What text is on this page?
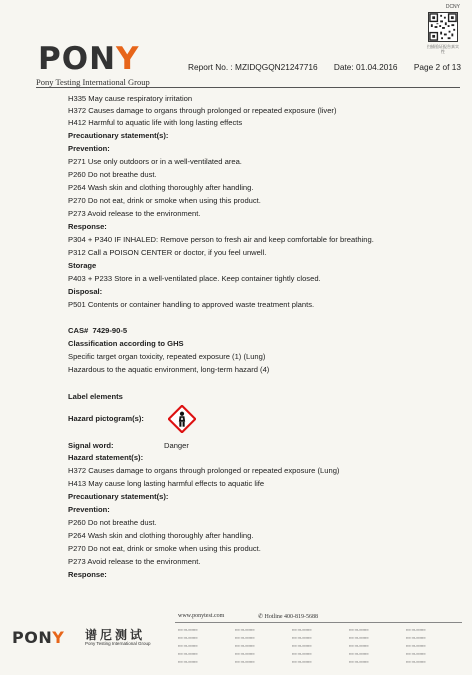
DCNY
扫描验证报告真实性
PONY
Pony Testing International Group
Report No. : MZIDQGQN21247716 Date: 01.04.2016 Page 2 of 13
H335 May cause respiratory irritation
H372 Causes damage to organs through prolonged or repeated exposure (liver)
H412 Harmful to aquatic life with long lasting effects
Precautionary statement(s):
Prevention:
P271 Use only outdoors or in a well-ventilated area.
P260 Do not breathe dust.
P264 Wash skin and clothing thoroughly after handling.
P270 Do not eat, drink or smoke when using this product.
P273 Avoid release to the environment.
Response:
P304 + P340 IF INHALED: Remove person to fresh air and keep comfortable for breathing.
P312 Call a POISON CENTER or doctor, if you feel unwell.
Storage
P403 + P233 Store in a well-ventilated place. Keep container tightly closed.
Disposal:
P501 Contents or container handling to approved waste treatment plants.
CAS# 7429-90-5
Classification according to GHS
Specific target organ toxicity, repeated exposure (1) (Lung)
Hazardous to the aquatic environment, long-term hazard (4)
Label elements
Hazard pictogram(s):
Signal word:	Danger
Hazard statement(s):
H372 Causes damage to organs through prolonged or repeated exposure (Lung)
H413 May cause long lasting harmful effects to aquatic life
Precautionary statement(s):
Prevention:
P260 Do not breathe dust.
P264 Wash skin and clothing thoroughly after handling.
P270 Do not eat, drink or smoke when using this product.
P273 Avoid release to the environment.
Response:
PONY 谱尼测试
Pony Testing International Group
www.ponytest.com	✆ Hotline 400-819-5688
▪▪▪▪ ▪▪▪-▪▪▪▪▪▪▪▪	▪▪▪▪ ▪▪▪-▪▪▪▪▪▪▪▪	▪▪▪▪ ▪▪▪-▪▪▪▪▪▪▪▪	▪▪▪▪ ▪▪▪-▪▪▪▪▪▪▪▪	▪▪▪▪ ▪▪▪-▪▪▪▪▪▪▪▪
▪▪▪▪ ▪▪▪-▪▪▪▪▪▪▪▪	▪▪▪▪ ▪▪▪-▪▪▪▪▪▪▪▪	▪▪▪▪ ▪▪▪-▪▪▪▪▪▪▪▪	▪▪▪▪ ▪▪▪-▪▪▪▪▪▪▪▪	▪▪▪▪ ▪▪▪-▪▪▪▪▪▪▪▪
▪▪▪▪ ▪▪▪-▪▪▪▪▪▪▪▪	▪▪▪▪ ▪▪▪-▪▪▪▪▪▪▪▪	▪▪▪▪ ▪▪▪-▪▪▪▪▪▪▪▪	▪▪▪▪ ▪▪▪-▪▪▪▪▪▪▪▪	▪▪▪▪ ▪▪▪-▪▪▪▪▪▪▪▪
▪▪▪▪ ▪▪▪-▪▪▪▪▪▪▪▪	▪▪▪▪ ▪▪▪-▪▪▪▪▪▪▪▪	▪▪▪▪ ▪▪▪-▪▪▪▪▪▪▪▪	▪▪▪▪ ▪▪▪-▪▪▪▪▪▪▪▪	▪▪▪▪ ▪▪▪-▪▪▪▪▪▪▪▪
▪▪▪▪ ▪▪▪-▪▪▪▪▪▪▪▪	▪▪▪▪ ▪▪▪-▪▪▪▪▪▪▪▪	▪▪▪▪ ▪▪▪-▪▪▪▪▪▪▪▪	▪▪▪▪ ▪▪▪-▪▪▪▪▪▪▪▪	▪▪▪▪ ▪▪▪-▪▪▪▪▪▪▪▪
